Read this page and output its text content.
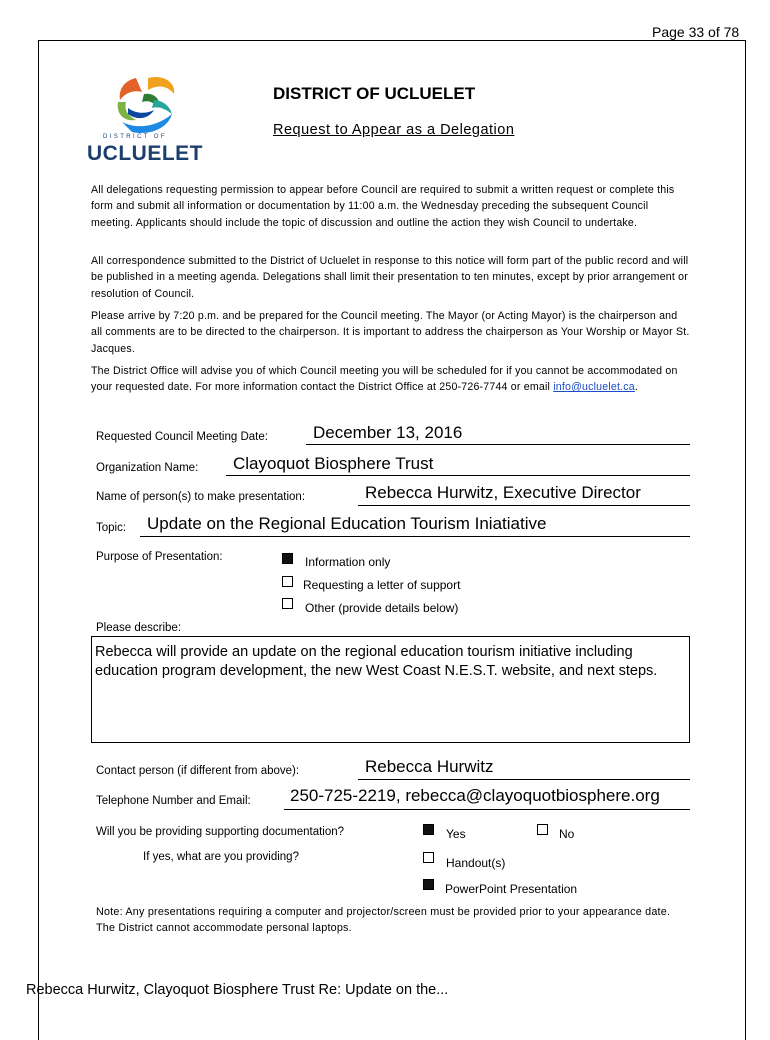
Page 33 of 78
DISTRICT OF
UCLUELET
DISTRICT OF UCLUELET
Request to Appear as a Delegation
All delegations requesting permission to appear before Council are required to submit a written request or complete this form and submit all information or documentation by 11:00 a.m. the Wednesday preceding the subsequent Council meeting. Applicants should include the topic of discussion and outline the action they wish Council to undertake.
All correspondence submitted to the District of Ucluelet in response to this notice will form part of the public record and will be published in a meeting agenda. Delegations shall limit their presentation to ten minutes, except by prior arrangement or resolution of Council.
Please arrive by 7:20 p.m. and be prepared for the Council meeting. The Mayor (or Acting Mayor) is the chairperson and all comments are to be directed to the chairperson. It is important to address the chairperson as Your Worship or Mayor St. Jacques.
The District Office will advise you of which Council meeting you will be scheduled for if you cannot be accommodated on your requested date. For more information contact the District Office at 250-726-7744 or email info@ucluelet.ca.
Requested Council Meeting Date:	December 13, 2016
Organization Name: Clayoquot Biosphere Trust
Name of person(s) to make presentation:	Rebecca Hurwitz, Executive Director
Topic: Update on the Regional Education Tourism Iniatiative
Purpose of Presentation:	Information only
Requesting a letter of support
Other (provide details below)
Please describe:
Rebecca will provide an update on the regional education tourism initiative including education program development, the new West Coast N.E.S.T. website, and next steps.
Contact person (if different from above):	Rebecca Hurwitz
Telephone Number and Email: 250-725-2219, rebecca@clayoquotbiosphere.org
Will you be providing supporting documentation?	Yes	No
If yes, what are you providing?	Handout(s)
PowerPoint Presentation
Note: Any presentations requiring a computer and projector/screen must be provided prior to your appearance date. The District cannot accommodate personal laptops.
Rebecca Hurwitz, Clayoquot Biosphere Trust Re: Update on the...
